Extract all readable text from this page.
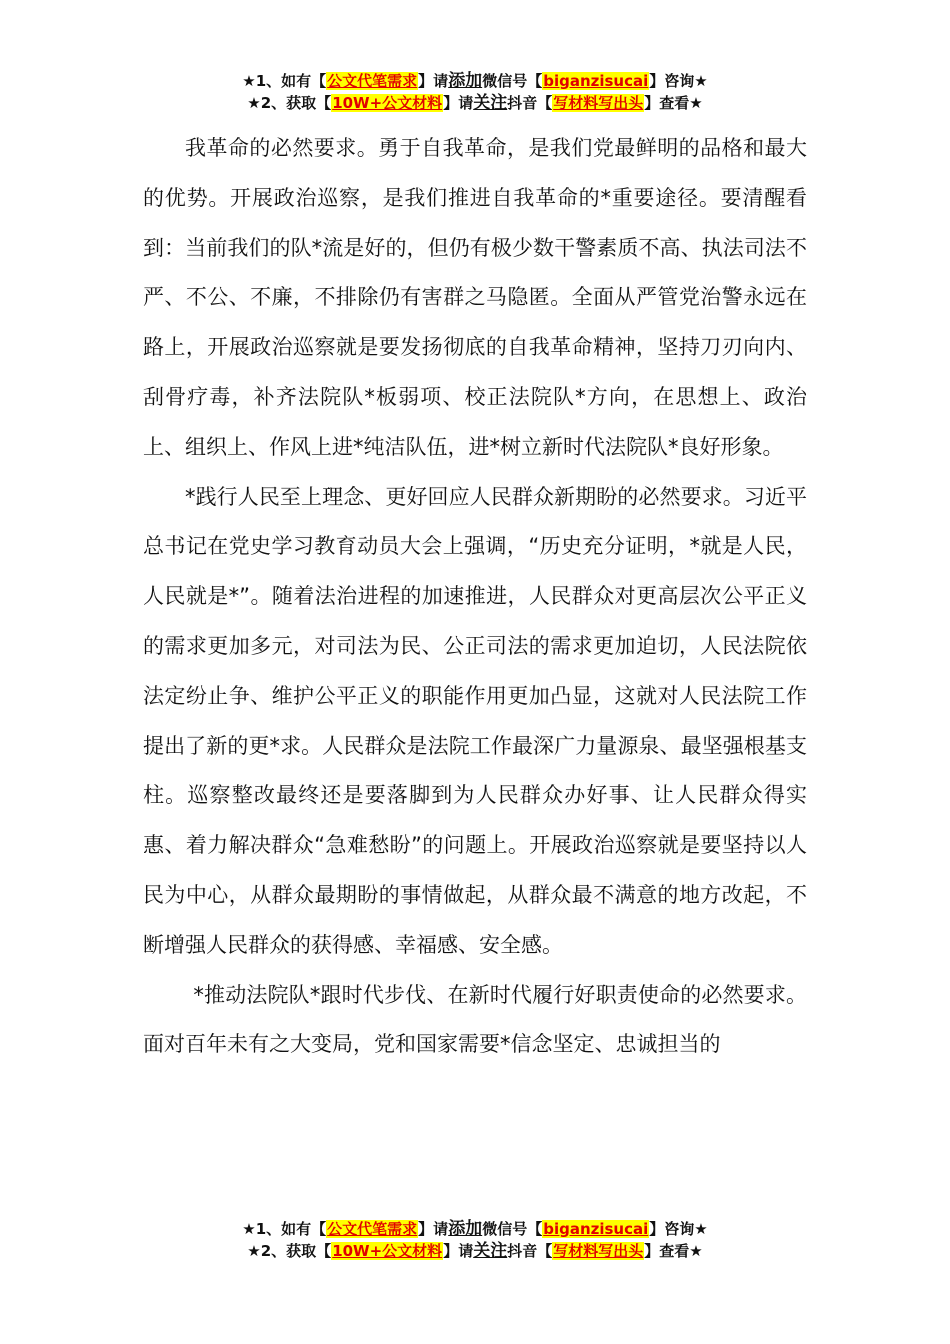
★1、如有【公文代笔需求】请添加微信号【biganzisucai】咨询★
★2、获取【10W+公文材料】请关注抖音【写材料写出头】查看★

我革命的必然要求。勇于自我革命，是我们党最鲜明的品格和最大的优势。开展政治巡察，是我们推进自我革命的*重要途径。要清醒看到：当前我们的队*流是好的，但仍有极少数干警素质不高、执法司法不严、不公、不廉，不排除仍有害群之马隐匿。全面从严管党治警永远在路上，开展政治巡察就是要发扬彻底的自我革命精神，坚持刀刃向内、刮骨疗毒，补齐法院队*板弱项、校正法院队*方向，在思想上、政治上、组织上、作风上进*纯洁队伍，进*树立新时代法院队*良好形象。

*践行人民至上理念、更好回应人民群众新期盼的必然要求。习近平总书记在党史学习教育动员大会上强调，“历史充分证明，*就是人民，人民就是*”。随着法治进程的加速推进，人民群众对更高层次公平正义的需求更加多元，对司法为民、公正司法的需求更加迫切，人民法院依法定纷止争、维护公平正义的职能作用更加凸显，这就对人民法院工作提出了新的更*求。人民群众是法院工作最深广力量源泉、最坚强根基支柱。巡察整改最终还是要落脚到为人民群众办好事、让人民群众得实惠、着力解决群众“急难愁盼”的问题上。开展政治巡察就是要坚持以人民为中心，从群众最期盼的事情做起，从群众最不满意的地方改起，不断增强人民群众的获得感、幸福感、安全感。

*推动法院队*跟时代步伐、在新时代履行好职责使命的必然要求。面对百年未有之大变局，党和国家需要*信念坚定、忠诚担当的

★1、如有【公文代笔需求】请添加微信号【biganzisucai】咨询★
★2、获取【10W+公文材料】请关注抖音【写材料写出头】查看★
